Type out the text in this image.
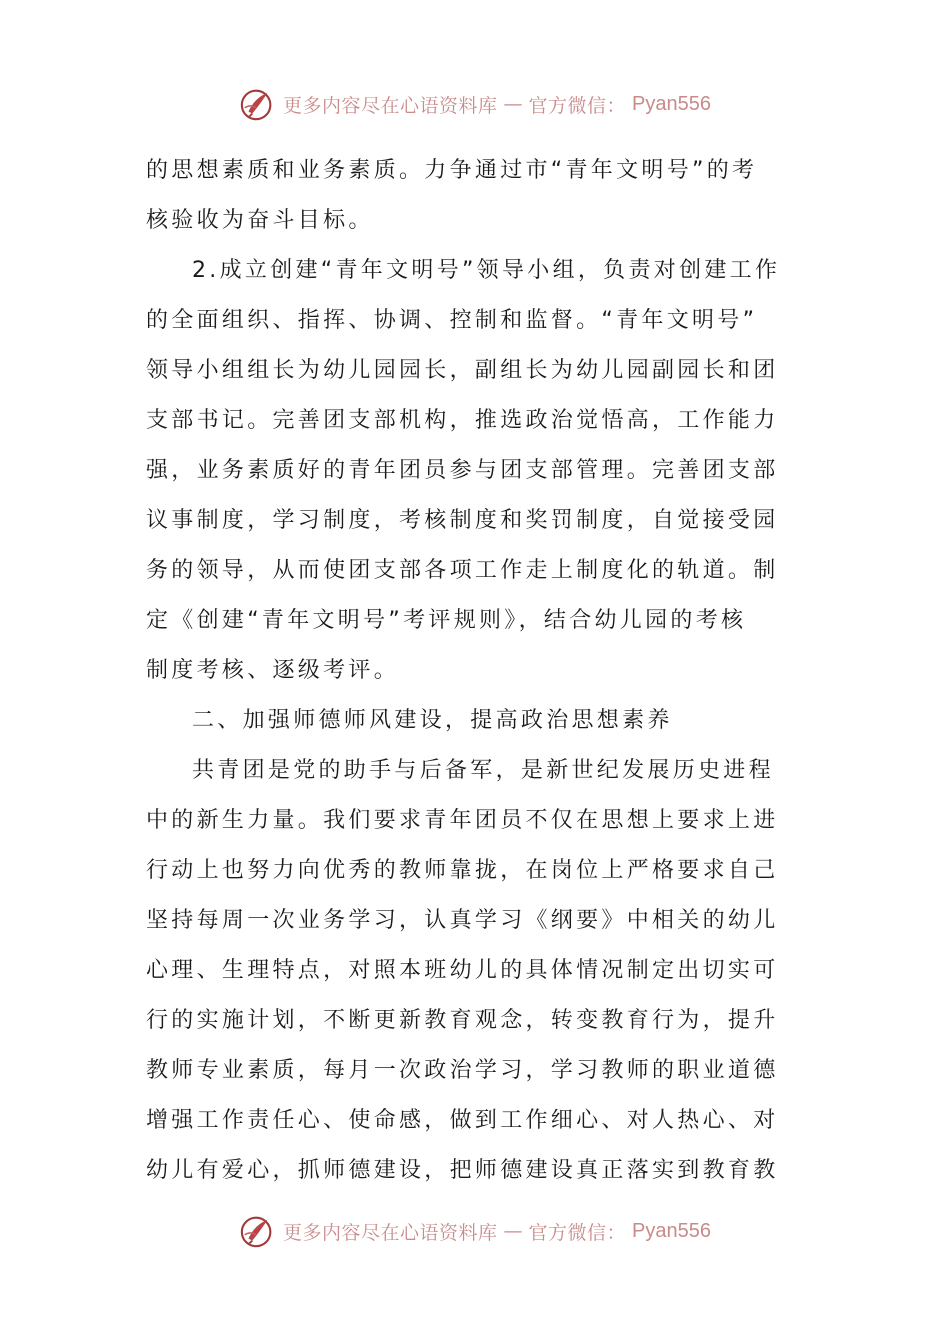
更多内容尽在心语资料库 — 官方微信： Pyan556
的思想素质和业务素质。力争通过市“青年文明号”的考
核验收为奋斗目标。
2.成立创建“青年文明号”领导小组，负责对创建工作
的全面组织、指挥、协调、控制和监督。“青年文明号”
领导小组组长为幼儿园园长，副组长为幼儿园副园长和团
支部书记。完善团支部机构，推选政治觉悟高，工作能力
强，业务素质好的青年团员参与团支部管理。完善团支部
议事制度，学习制度，考核制度和奖罚制度，自觉接受园
务的领导，从而使团支部各项工作走上制度化的轨道。制
定《创建“青年文明号”考评规则》，结合幼儿园的考核
制度考核、逐级考评。
二、加强师德师风建设，提高政治思想素养
共青团是党的助手与后备军，是新世纪发展历史进程
中的新生力量。我们要求青年团员不仅在思想上要求上进
行动上也努力向优秀的教师靠拢，在岗位上严格要求自己
坚持每周一次业务学习，认真学习《纲要》中相关的幼儿
心理、生理特点，对照本班幼儿的具体情况制定出切实可
行的实施计划，不断更新教育观念，转变教育行为，提升
教师专业素质，每月一次政治学习，学习教师的职业道德
增强工作责任心、使命感，做到工作细心、对人热心、对
幼儿有爱心，抓师德建设，把师德建设真正落实到教育教
更多内容尽在心语资料库 — 官方微信： Pyan556
